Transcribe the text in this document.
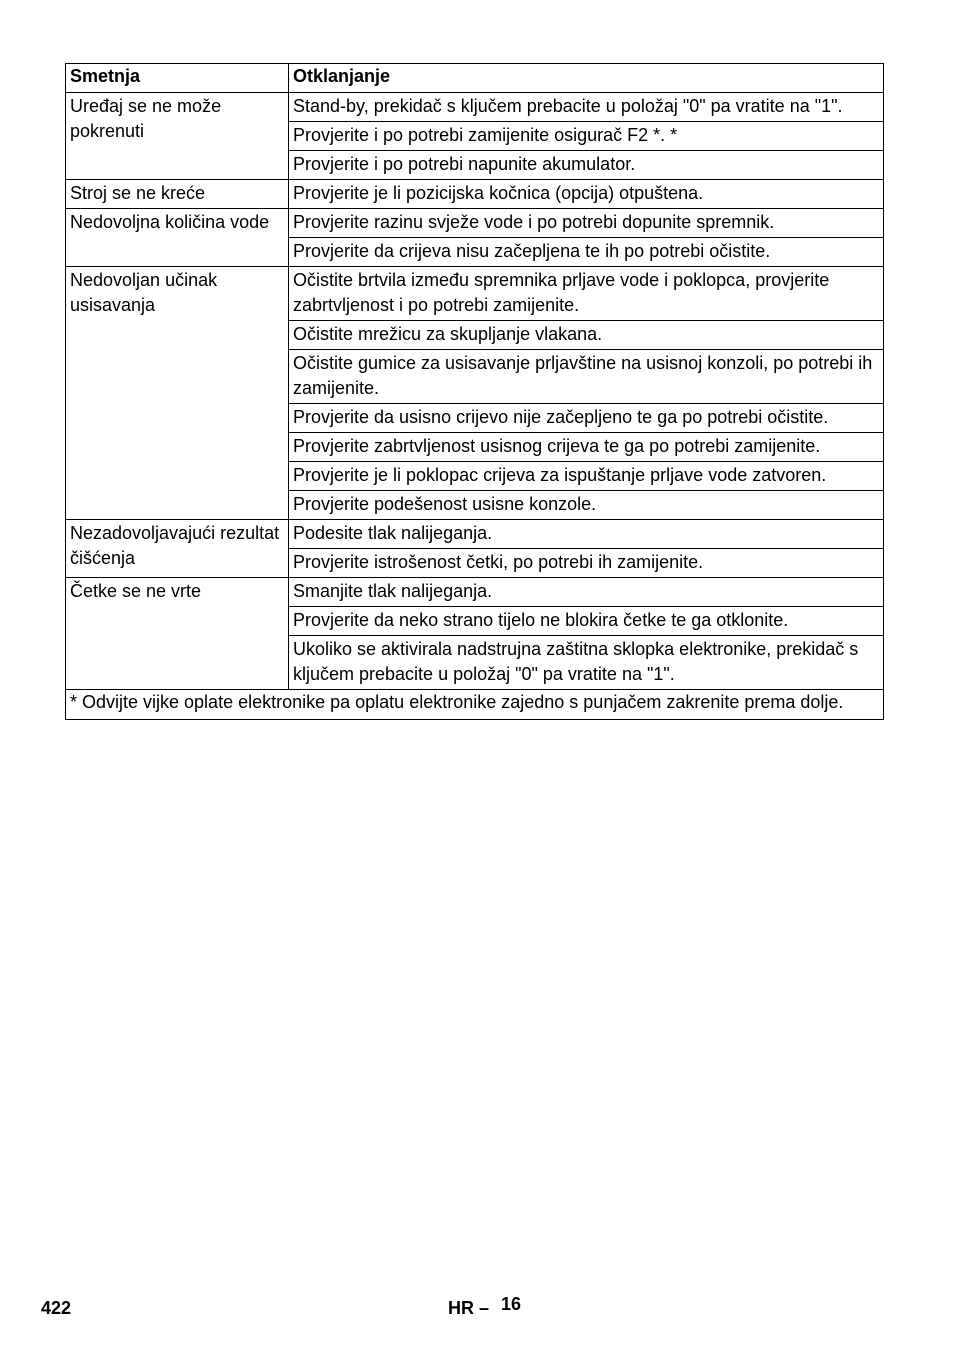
Smetnja	Otklanjanje
Uređaj se ne može pokrenuti	Stand-by, prekidač s ključem prebacite u položaj "0" pa vratite na "1".
	Provjerite i po potrebi zamijenite osigurač F2 *. *
	Provjerite i po potrebi napunite akumulator.
Stroj se ne kreće	Provjerite je li pozicijska kočnica (opcija) otpuštena.
Nedovoljna količina vode	Provjerite razinu svježe vode i po potrebi dopunite spremnik.
	Provjerite da crijeva nisu začepljena te ih po potrebi očistite.
Nedovoljan učinak usisavanja	Očistite brtvila između spremnika prljave vode i poklopca, provjerite zabrtvljenost i po potrebi zamijenite.
	Očistite mrežicu za skupljanje vlakana.
	Očistite gumice za usisavanje prljavštine na usisnoj konzoli, po potrebi ih zamijenite.
	Provjerite da usisno crijevo nije začepljeno te ga po potrebi očistite.
	Provjerite zabrtvljenost usisnog crijeva te ga po potrebi zamijenite.
	Provjerite je li poklopac crijeva za ispuštanje prljave vode zatvoren.
	Provjerite podešenost usisne konzole.
Nezadovoljavajući rezultat čišćenja	Podesite tlak nalijeganja.
	Provjerite istrošenost četki, po potrebi ih zamijenite.
Četke se ne vrte	Smanjite tlak nalijeganja.
	Provjerite da neko strano tijelo ne blokira četke te ga otklonite.
	Ukoliko se aktivirala nadstrujna zaštitna sklopka elektronike, prekidač s ključem prebacite u položaj "0" pa vratite na "1".
* Odvijte vijke oplate elektronike pa oplatu elektronike zajedno s punjačem zakrenite prema dolje.	
422	HR – 16
